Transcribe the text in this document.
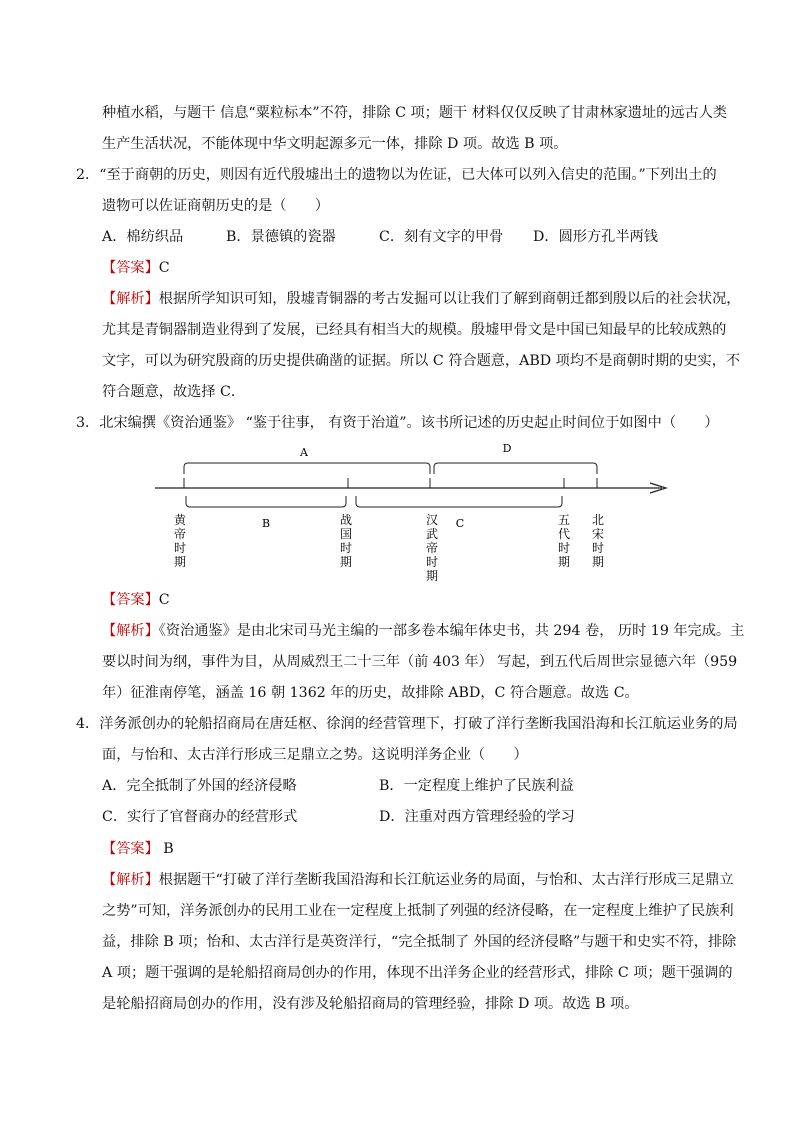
种植水稻，与题干 信息“粟粒标本”不符，排除 C 项；题干 材料仅仅反映了甘肃林家遗址的远古人类
生产生活状况，不能体现中华文明起源多元一体，排除 D 项。故选 B 项。
2．“至于商朝的历史，则因有近代殷墟出土的遗物以为佐证，已大体可以列入信史的范围。”下列出土的
遗物可以佐证商朝历史的是（　　）
A．棉纺织品	B．景德镇的瓷器	C．刻有文字的甲骨 D．圆形方孔半两钱
【答案】C
【解析】根据所学知识可知，殷墟青铜器的考古发掘可以让我们了解到商朝迁都到殷以后的社会状况，
尤其是青铜器制造业得到了发展，已经具有相当大的规模。殷墟甲骨文是中国已知最早的比较成熟的
文字，可以为研究殷商的历史提供确凿的证据。所以 C 符合题意，ABD 项均不是商朝时期的史实，不
符合题意，故选择 C．
3．北宋编撰《资治通鉴》 “鉴于往事， 有资于治道”。该书所记述的历史起止时间位于如图中（　　）
A	D
B	C
黄
帝
时
期
战
国
时
期
汉
武
帝
时
期
五
代
时
期
北
宋
时
期
【答案】C
【解析】《资治通鉴》是由北宋司马光主编的一部多卷本编年体史书，共 294 卷， 历时 19 年完成。主
要以时间为纲，事件为目，从周威烈王二十三年（前 403 年） 写起，到五代后周世宗显德六年（959
年）征淮南停笔，涵盖 16 朝 1362 年的历史，故排除 ABD，C 符合题意。故选 C。
4．洋务派创办的轮船招商局在唐廷枢、徐润的经营管理下，打破了洋行垄断我国沿海和长江航运业务的局
面，与怡和、太古洋行形成三足鼎立之势。这说明洋务企业（　　）
A．完全抵制了外国的经济侵略	B．一定程度上维护了民族利益
C．实行了官督商办的经营形式	D．注重对西方管理经验的学习
【答案】 B
【解析】根据题干“打破了洋行垄断我国沿海和长江航运业务的局面，与怡和、太古洋行形成三足鼎立
之势”可知，洋务派创办的民用工业在一定程度上抵制了列强的经济侵略，在一定程度上维护了民族利
益，排除 B 项；怡和、太古洋行是英资洋行，“完全抵制了 外国的经济侵略”与题干和史实不符，排除
A 项；题干强调的是轮船招商局创办的作用，体现不出洋务企业的经营形式，排除 C 项；题干强调的
是轮船招商局创办的作用，没有涉及轮船招商局的管理经验，排除 D 项。故选 B 项。
